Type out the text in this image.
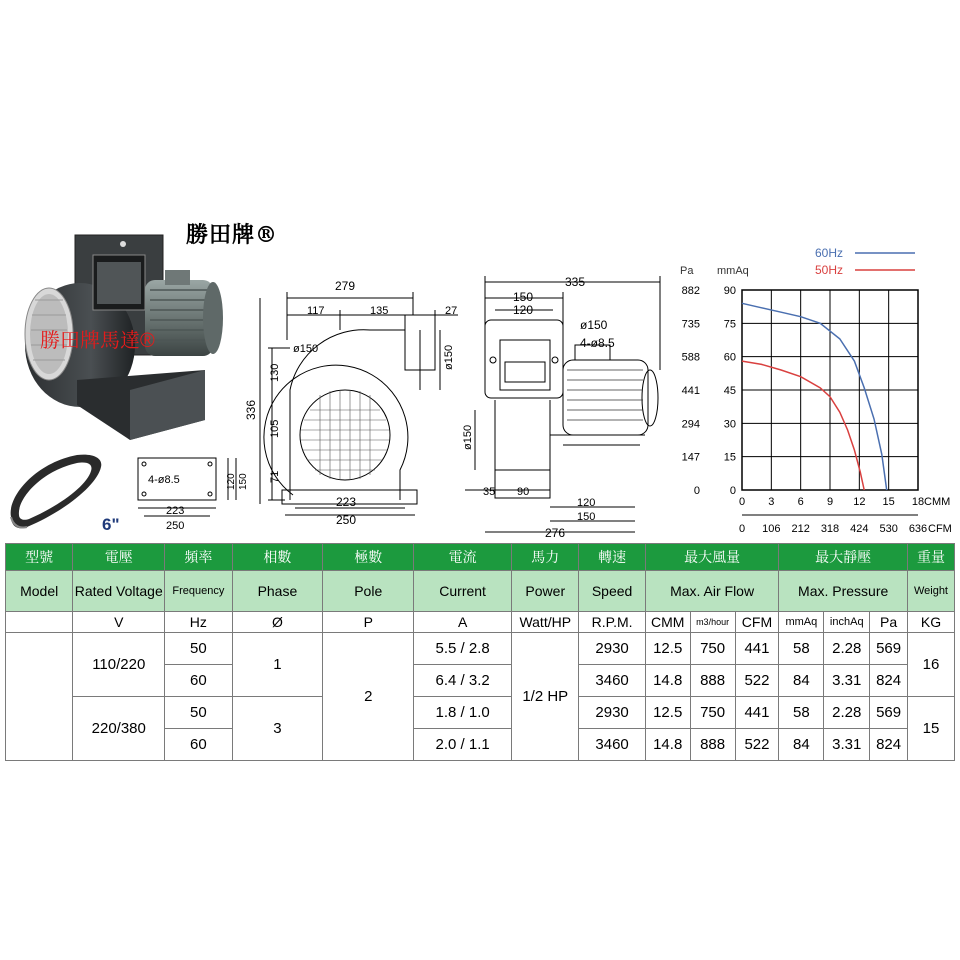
勝田牌®
勝田牌馬達®
6"
279
117	135	27
ø150
336
130
105
71
ø150
223
250
4-ø8.5	120 150
223
250
335
150
120
ø150
4-ø8.5
ø150
35 90
120
150
276
882 90
735 75
588 60
441 45
294 30
147 15
0	0
0
0
3
106
6
212
9
318
12
424
15
530
18
636
Pa mmAq
CMM
CFM
60Hz
50Hz
型號	電壓	頻率	相數	極數	電流	馬力	轉速	最大風量			最大靜壓			重量
Model	Rated Voltage	Frequency	Phase	Pole	Current	Power	Speed	Max. Air Flow			Max. Pressure			Weight
	V	Hz	Ø	P	A	Watt/HP	R.P.M.	CMM	m3/hour	CFM	mmAq	inchAq	Pa	KG
	110/220	50	1	2	5.5 / 2.8	1/2 HP	2930	12.5	750	441	58	2.28	569	16
		60			6.4 / 3.2		3460	14.8	888	522	84	3.31	824	
	220/380	50	3		1.8 / 1.0		2930	12.5	750	441	58	2.28	569	15
		60			2.0 / 1.1		3460	14.8	888	522	84	3.31	824	
